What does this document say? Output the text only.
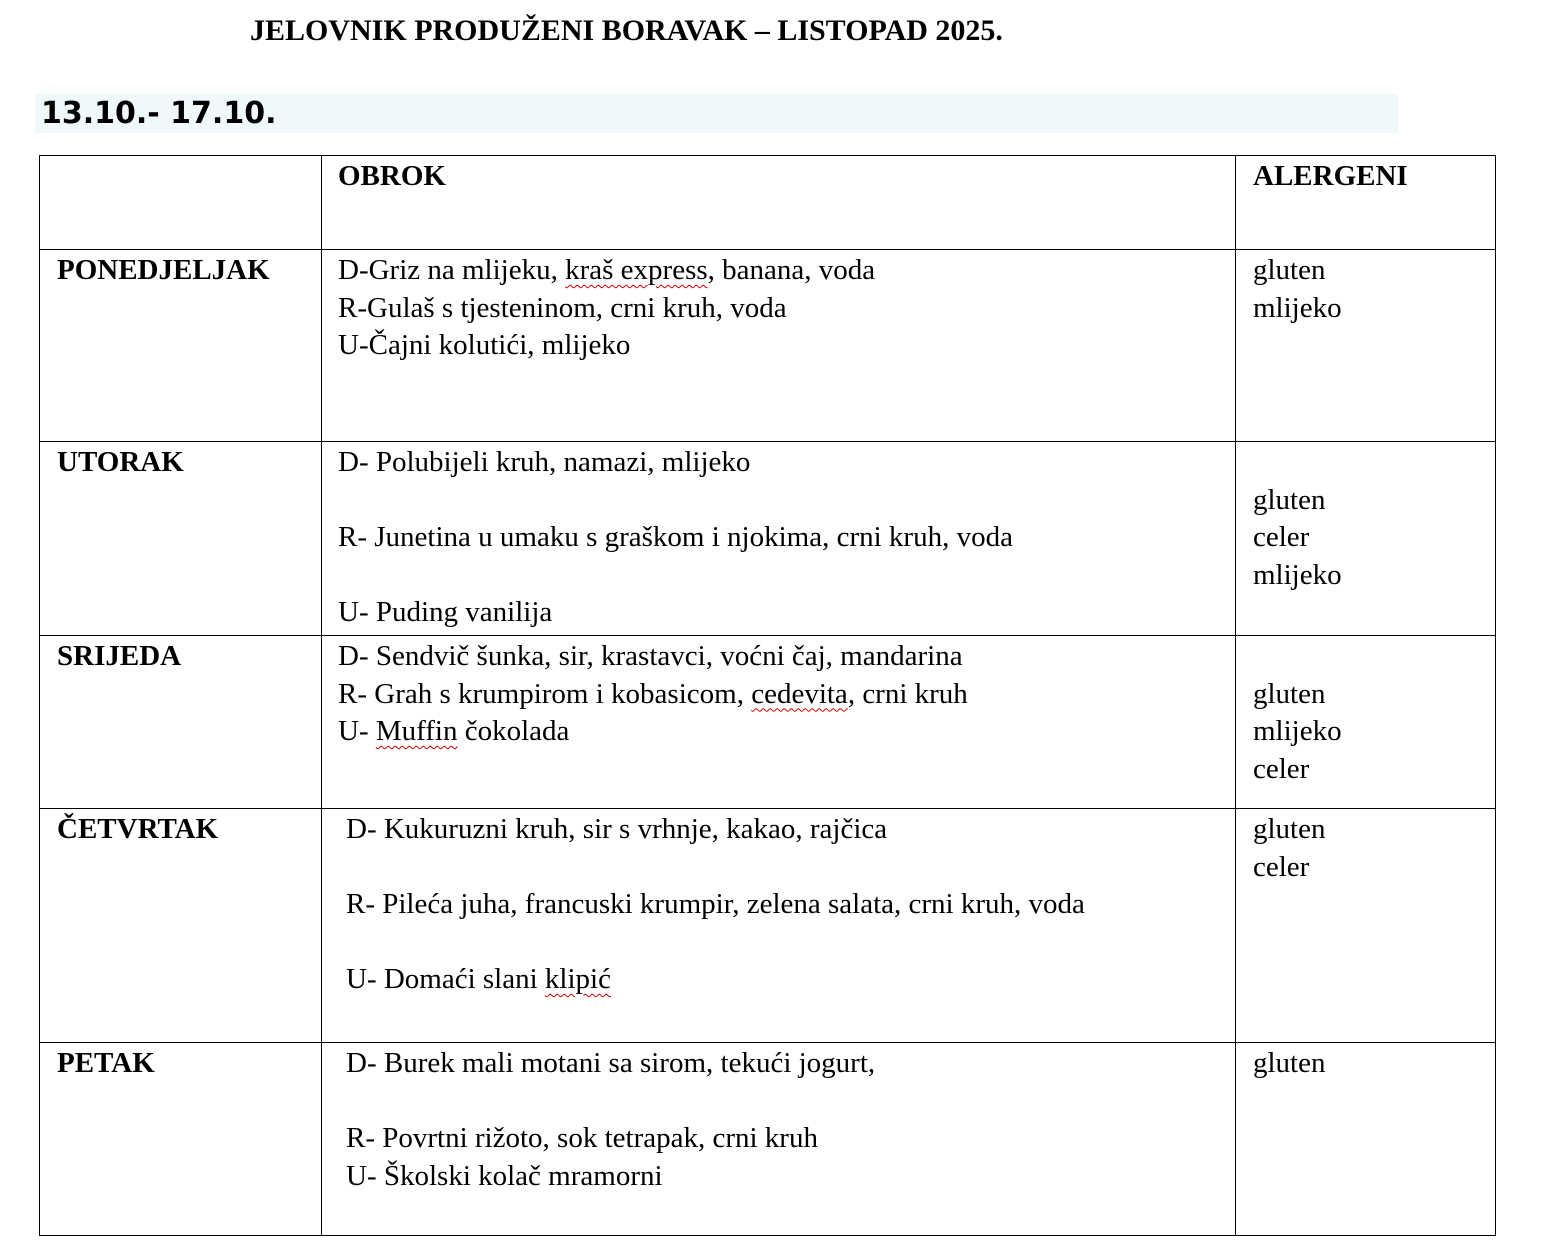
JELOVNIK PRODUŽENI BORAVAK – LISTOPAD 2025.
13.10.- 17.10.
	OBROK	ALERGENI
PONEDJELJAK	D-Griz na mlijeku, kraš express, banana, voda
R-Gulaš s tjesteninom, crni kruh, voda
U-Čajni kolutići, mlijeko	gluten
mlijeko

UTORAK	D- Polubijeli kruh, namazi, mlijeko
R- Junetina u umaku s graškom i njokima, crni kruh, voda
U- Puding vanilija	gluten
celer
mlijeko

SRIJEDA	D- Sendvič šunka, sir, krastavci, voćni čaj, mandarina
R- Grah s krumpirom i kobasicom, cedevita, crni kruh
U- Muffin čokolada	gluten
mlijeko
celer

ČETVRTAK	D- Kukuruzni kruh, sir s vrhnje, kakao, rajčica
R- Pileća juha, francuski krumpir, zelena salata, crni kruh, voda
U- Domaći slani klipić	gluten
celer

PETAK	D- Burek mali motani sa sirom, tekući jogurt,
R- Povrtni rižoto, sok tetrapak, crni kruh
U- Školski kolač mramorni	gluten
